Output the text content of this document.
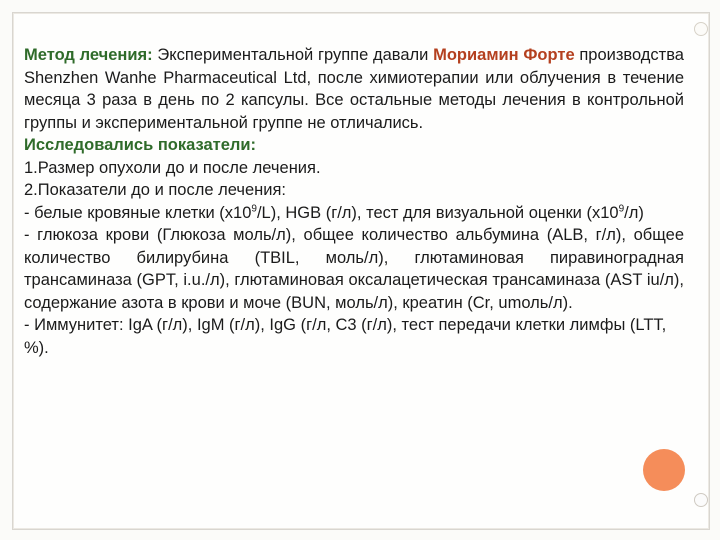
Метод лечения: Экспериментальной группе давали Мориамин Форте производства Shenzhen Wanhe Pharmaceutical Ltd, после химиотерапии или облучения в течение месяца 3 раза в день по 2 капсулы. Все остальные методы лечения в контрольной группы и экспериментальной группе не отличались.

Исследовались показатели:

1.Размер опухоли до и после лечения.

2.Показатели до и после лечения:

- белые кровяные клетки $(х10^9/L)$, HGB (г/л), тест для визуальной оценки $(х10^9/л)$

- глюкоза крови (Глюкоза моль/л), общее количество альбумина (ALB, г/л), общее количество билирубина (TBIL, моль/л), глютаминовая пиравиноградная трансаминаза (GPT, i.u./л), глютаминовая оксалацетическая трансаминаза (AST iu/л), содержание азота в крови и моче (BUN, моль/л), креатин (Cr, umоль/л).

- Иммунитет: IgA (г/л), IgM (г/л), IgG (г/л, C3 (г/л), тест передачи клетки лимфы (LTT, %).
